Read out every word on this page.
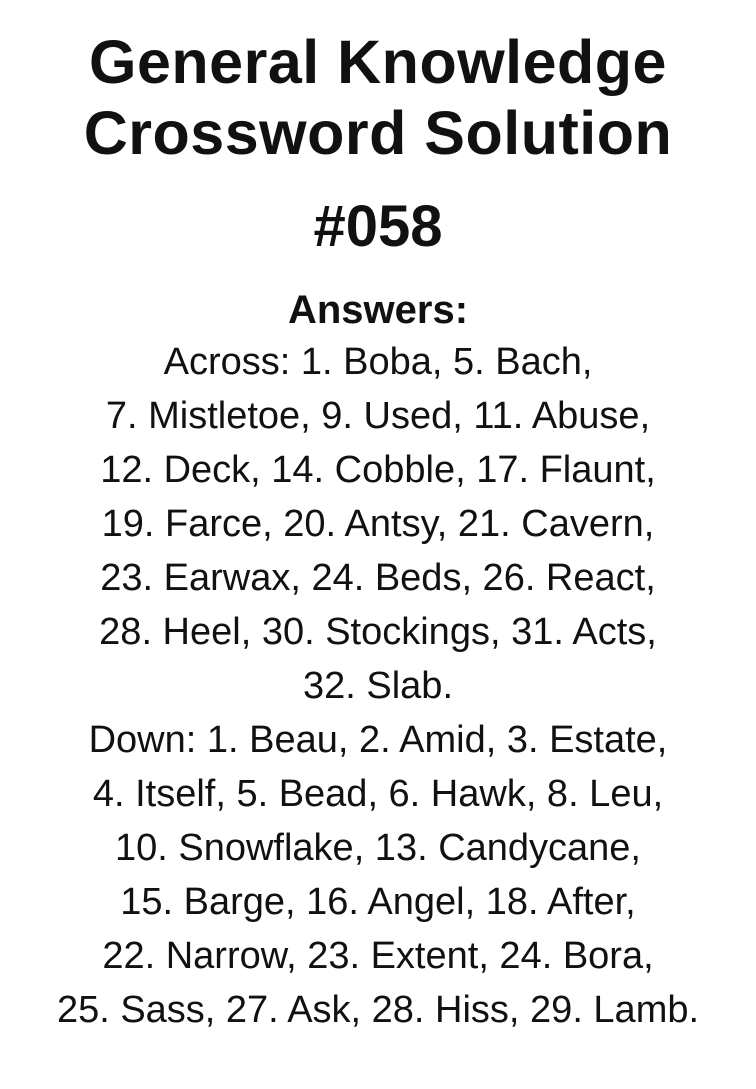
General Knowledge
Crossword Solution
#058
Answers:
Across: 1. Boba, 5. Bach,
7. Mistletoe, 9. Used, 11. Abuse,
12. Deck, 14. Cobble, 17. Flaunt,
19. Farce, 20. Antsy, 21. Cavern,
23. Earwax, 24. Beds, 26. React,
28. Heel, 30. Stockings, 31. Acts,
32. Slab.
Down: 1. Beau, 2. Amid, 3. Estate,
4. Itself, 5. Bead, 6. Hawk, 8. Leu,
10. Snowflake, 13. Candycane,
15. Barge, 16. Angel, 18. After,
22. Narrow, 23. Extent, 24. Bora,
25. Sass, 27. Ask, 28. Hiss, 29. Lamb.
